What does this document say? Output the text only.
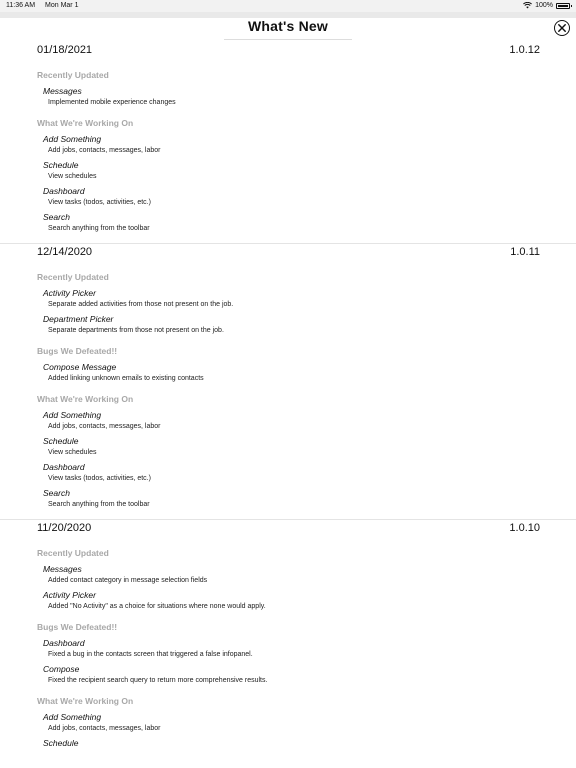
11:36 AM Mon Mar 1	100%
What's New
01/18/2021	1.0.12
Recently Updated
Messages
Implemented mobile experience changes
What We're Working On
Add Something
Add jobs, contacts, messages, labor
Schedule
View schedules
Dashboard
View tasks (todos, activities, etc.)
Search
Search anything from the toolbar
12/14/2020	1.0.11
Recently Updated
Activity Picker
Separate added activities from those not present on the job.
Department Picker
Separate departments from those not present on the job.
Bugs We Defeated!!
Compose Message
Added linking unknown emails to existing contacts
What We're Working On
Add Something
Add jobs, contacts, messages, labor
Schedule
View schedules
Dashboard
View tasks (todos, activities, etc.)
Search
Search anything from the toolbar
11/20/2020	1.0.10
Recently Updated
Messages
Added contact category in message selection fields
Activity Picker
Added "No Activity" as a choice for situations where none would apply.
Bugs We Defeated!!
Dashboard
Fixed a bug in the contacts screen that triggered a false infopanel.
Compose
Fixed the recipient search query to return more comprehensive results.
What We're Working On
Add Something
Add jobs, contacts, messages, labor
Schedule
